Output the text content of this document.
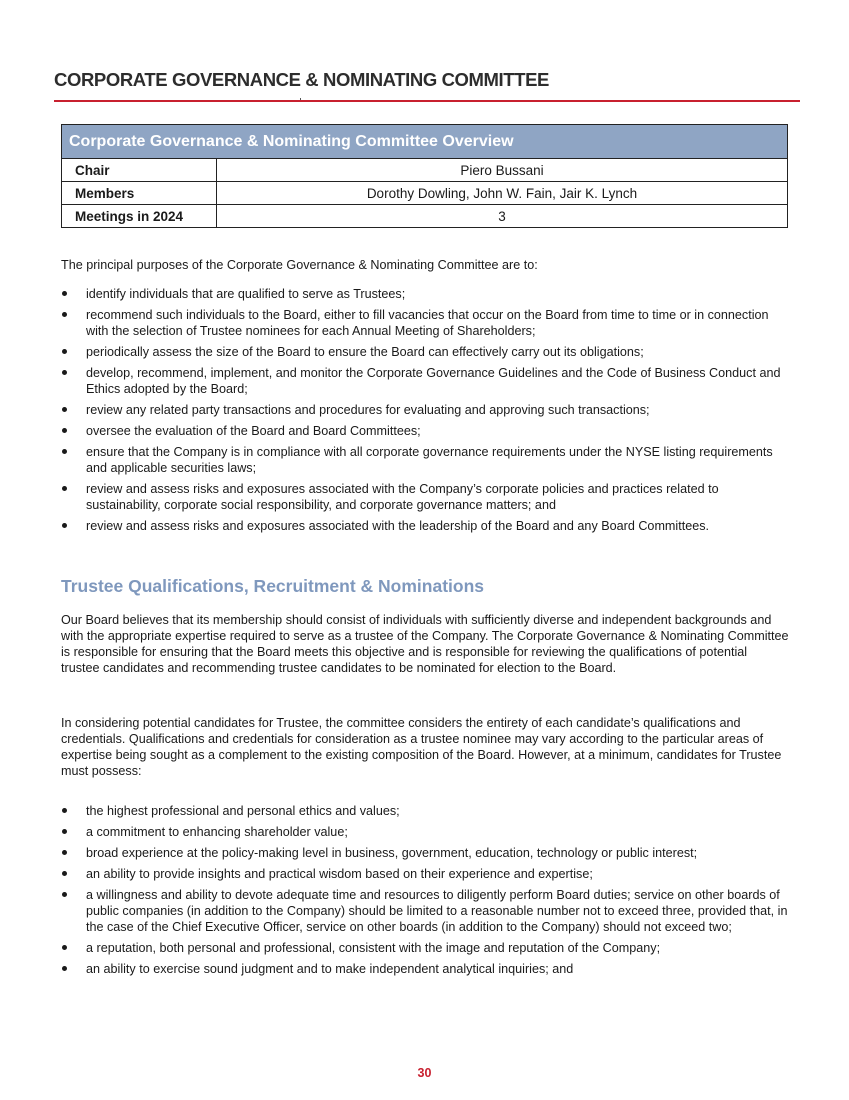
CORPORATE GOVERNANCE & NOMINATING COMMITTEE
Corporate Governance & Nominating Committee Overview	
Chair	Piero Bussani
Members	Dorothy Dowling, John W. Fain, Jair K. Lynch
Meetings in 2024	3

The principal purposes of the Corporate Governance & Nominating Committee are to:

identify individuals that are qualified to serve as Trustees;
recommend such individuals to the Board, either to fill vacancies that occur on the Board from time to time or in connection with the selection of Trustee nominees for each Annual Meeting of Shareholders;
periodically assess the size of the Board to ensure the Board can effectively carry out its obligations;
develop, recommend, implement, and monitor the Corporate Governance Guidelines and the Code of Business Conduct and Ethics adopted by the Board;
review any related party transactions and procedures for evaluating and approving such transactions;
oversee the evaluation of the Board and Board Committees;
ensure that the Company is in compliance with all corporate governance requirements under the NYSE listing requirements and applicable securities laws;
review and assess risks and exposures associated with the Company’s corporate policies and practices related to sustainability, corporate social responsibility, and corporate governance matters; and
review and assess risks and exposures associated with the leadership of the Board and any Board Committees.
Trustee Qualifications, Recruitment & Nominations

Our Board believes that its membership should consist of individuals with sufficiently diverse and independent backgrounds and with the appropriate expertise required to serve as a trustee of the Company. The Corporate Governance & Nominating Committee is responsible for ensuring that the Board meets this objective and is responsible for reviewing the qualifications of potential trustee candidates and recommending trustee candidates to be nominated for election to the Board.

In considering potential candidates for Trustee, the committee considers the entirety of each candidate’s qualifications and credentials. Qualifications and credentials for consideration as a trustee nominee may vary according to the particular areas of expertise being sought as a complement to the existing composition of the Board. However, at a minimum, candidates for Trustee must possess:

the highest professional and personal ethics and values;
a commitment to enhancing shareholder value;
broad experience at the policy-making level in business, government, education, technology or public interest;
an ability to provide insights and practical wisdom based on their experience and expertise;
a willingness and ability to devote adequate time and resources to diligently perform Board duties; service on other boards of public companies (in addition to the Company) should be limited to a reasonable number not to exceed three, provided that, in the case of the Chief Executive Officer, service on other boards (in addition to the Company) should not exceed two;
a reputation, both personal and professional, consistent with the image and reputation of the Company;
an ability to exercise sound judgment and to make independent analytical inquiries; and
30
